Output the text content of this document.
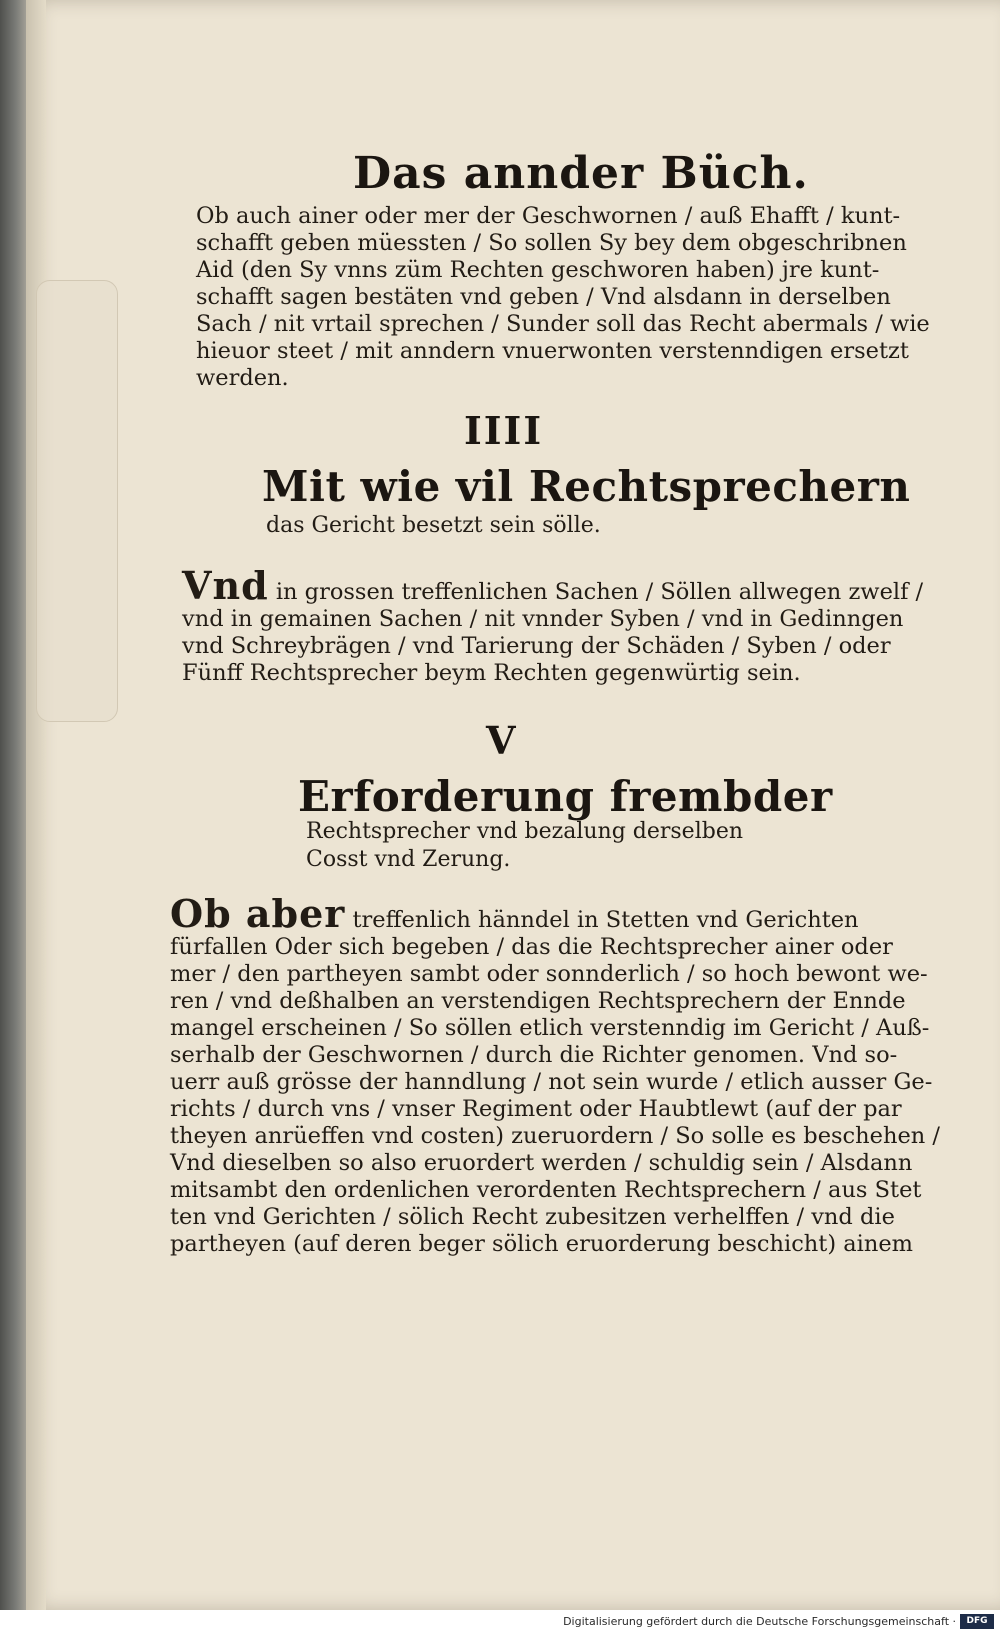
Das annder Büch.
Ob auch ainer oder mer der Geschwornen / auß Ehafft / kunt-
schafft geben müessten / So sollen Sy bey dem obgeschribnen
Aid (den Sy vnns züm Rechten geschworen haben) jre kunt-
schafft sagen bestäten vnd geben / Vnd alsdann in derselben
Sach / nit vrtail sprechen / Sunder soll das Recht abermals / wie
hieuor steet / mit anndern vnuerwonten verstenndigen ersetzt
werden.
IIII
Mit wie vil Rechtsprechern
das Gericht besetzt sein sölle.
Vnd in grossen treffenlichen Sachen / Söllen allwegen zwelf /
vnd in gemainen Sachen / nit vnnder Syben / vnd in Gedinngen
vnd Schreybrägen / vnd Tarierung der Schäden / Syben / oder
Fünff Rechtsprecher beym Rechten gegenwürtig sein.
V
Erforderung frembder
Rechtsprecher vnd bezalung derselben
Cosst vnd Zerung.
Ob aber treffenlich hänndel in Stetten vnd Gerichten
fürfallen Oder sich begeben / das die Rechtsprecher ainer oder
mer / den partheyen sambt oder sonnderlich / so hoch bewont we-
ren / vnd deßhalben an verstendigen Rechtsprechern der Ennde
mangel erscheinen / So söllen etlich verstenndig im Gericht / Auß-
serhalb der Geschwornen / durch die Richter genomen. Vnd so-
uerr auß grösse der hanndlung / not sein wurde / etlich ausser Ge-
richts / durch vns / vnser Regiment oder Haubtlewt (auf der par
theyen anrüeffen vnd costen) zueruordern / So solle es beschehen /
Vnd dieselben so also eruordert werden / schuldig sein / Alsdann
mitsambt den ordenlichen verordenten Rechtsprechern / aus Stet
ten vnd Gerichten / sölich Recht zubesitzen verhelffen / vnd die
partheyen (auf deren beger sölich eruorderung beschicht) ainem
Digitalisierung gefördert durch die Deutsche Forschungsgemeinschaft ·	DFG
